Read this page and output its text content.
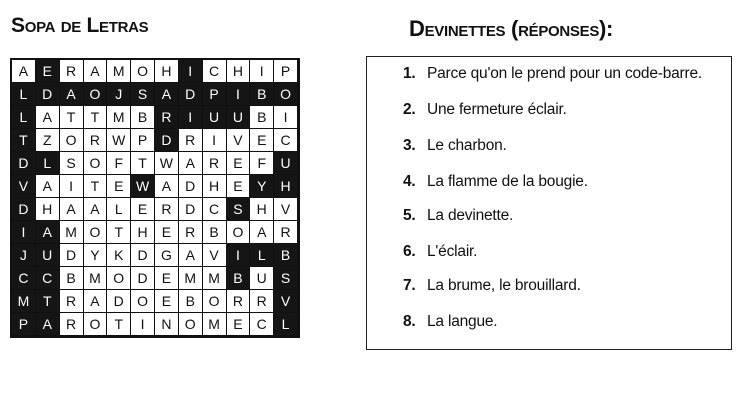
Sopa de Letras
A	E	R	A M O H	I	C H	I	P
L	D	A O	J	S	A	D	P	I	B O
L	A	T	T M B	R	I	U U	B	I
T	Z	O R W P	D R	I	V	E	C
D	L	S O	F	T W A	R	E	F	U
V	A	I	T	E W A	D H	E	Y	H
D H	A	A	L	E	R D C	S	H	V
I	A M O	T	H	E	R	B O A	R
J	U D	Y	K	D G A	V	I	L	B
C C	B M O D	E M M B	U	S
M T	R	A	D O E	B O R R	V
P	A	R O	T	I	N O M E	C	L
Devinettes (réponses):
1. Parce qu'on le prend pour un code-barre.
2. Une fermeture éclair.
3. Le charbon.
4. La flamme de la bougie.
5. La devinette.
6. L'éclair.
7. La brume, le brouillard.
8. La langue.
